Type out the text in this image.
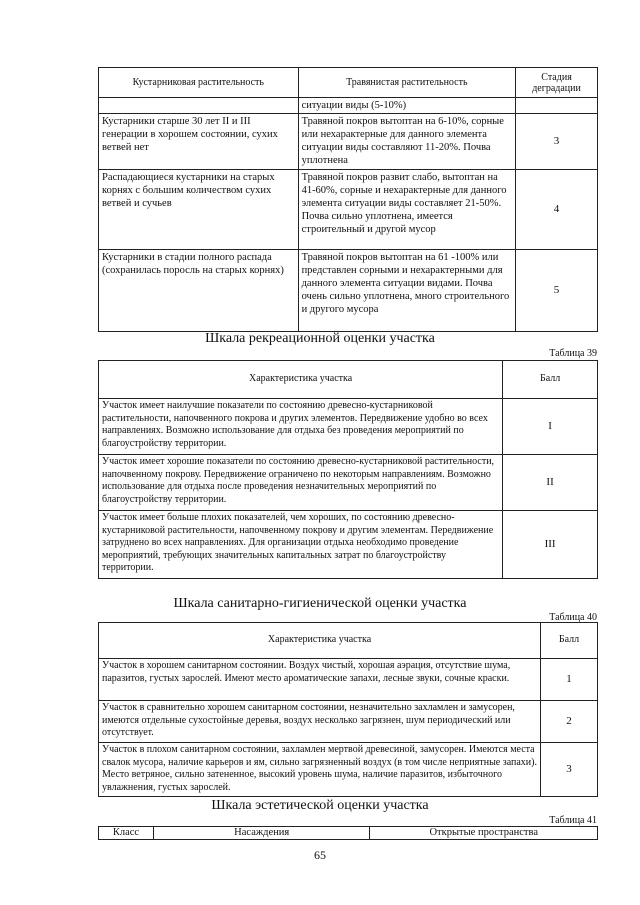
Кустарниковая растительность	Травянистая растительность	Стадия деградации
	ситуации виды (5-10%)	
Кустарники старше 30 лет II и III генерации в хорошем состоянии, сухих ветвей нет	Травяной покров вытоптан на 6-10%, сорные или нехарактерные для данного элемента ситуации виды составляют 11-20%. Почва уплотнена	3
Распадающиеся кустарники на старых корнях с большим количеством сухих ветвей и сучьев	Травяной покров развит слабо, вытоптан на 41-60%, сорные и нехарактерные для данного элемента ситуации виды составляет 21-50%. Почва сильно уплотнена, имеется строительный и другой мусор	4
Кустарники в стадии полного распада (сохранилась поросль на старых корнях)	Травяной покров вытоптан на 61 -100% или представлен сорными и нехарактерными для данного элемента ситуации видами. Почва очень сильно уплотнена, много строительного и другого мусора	5
Шкала рекреационной оценки участка
Таблица 39
Характеристика участка	Балл
Участок имеет наилучшие показатели по состоянию древесно-кустарниковой растительности, напочвенного покрова и других элементов. Передвижение удобно во всех направлениях. Возможно использование для отдыха без проведения мероприятий по благоустройству территории.	I
Участок имеет хорошие показатели по состоянию древесно-кустарниковой растительности, напочвенному покрову. Передвижение ограничено по некоторым направлениям. Возможно использование для отдыха после проведения незначительных мероприятий по благоустройству территории.	II
Участок имеет больше плохих показателей, чем хороших, по состоянию древесно-кустарниковой растительности, напочвенному покрову и другим элементам. Передвижение затруднено во всех направлениях. Для организации отдыха необходимо проведение мероприятий, требующих значительных капитальных затрат по благоустройству территории.	III
Шкала санитарно-гигиенической оценки участка
Таблица 40
Характеристика участка	Балл
Участок в хорошем санитарном состоянии. Воздух чистый, хорошая аэрация, отсутствие шума, паразитов, густых зарослей. Имеют место ароматические запахи, лесные звуки, сочные краски.	1
Участок в сравнительно хорошем санитарном состоянии, незначительно захламлен и замусорен, имеются отдельные сухостойные деревья, воздух несколько загрязнен, шум периодический или отсутствует.	2
Участок в плохом санитарном состоянии, захламлен мертвой древесиной, замусорен. Имеются места свалок мусора, наличие карьеров и ям, сильно загрязненный воздух (в том числе неприятные запахи). Место ветряное, сильно затененное, высокий уровень шума, наличие паразитов, избыточного увлажнения, густых зарослей.	3
Шкала эстетической оценки участка
Таблица 41
Класс	Насаждения	Открытые пространства
65
